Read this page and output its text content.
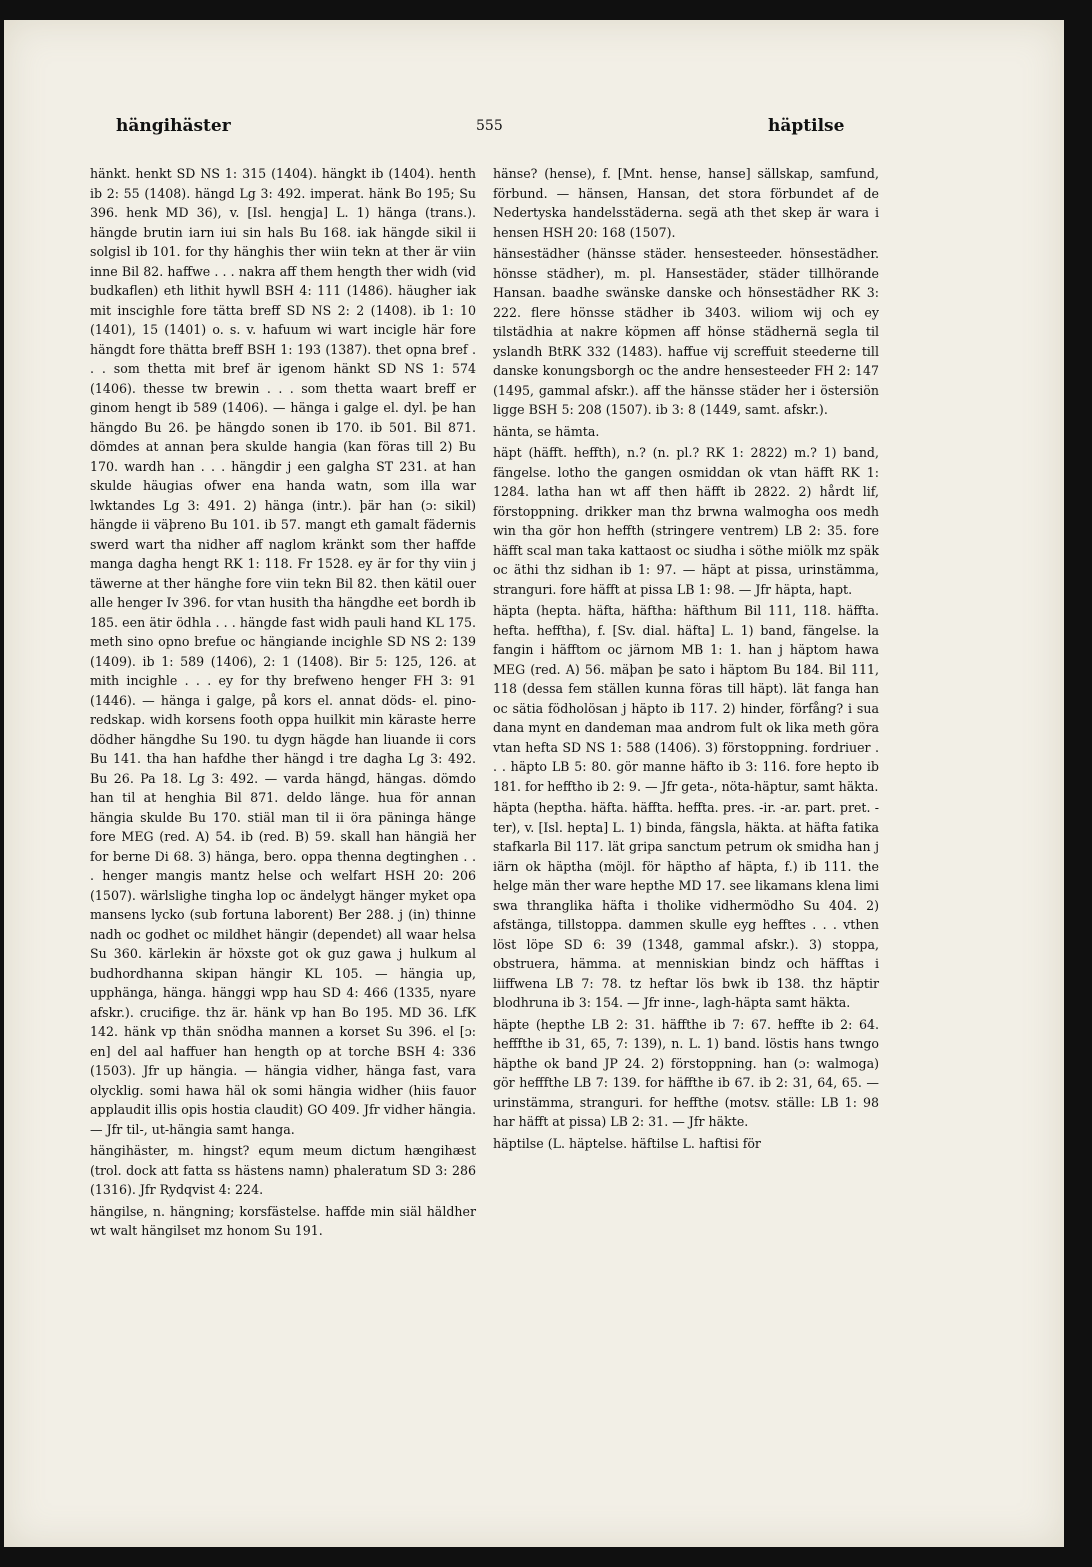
hängihäster	555	häptilse

hänkt. henkt SD NS 1: 315 (1404). hängkt ib (1404). henth ib 2: 55 (1408). hängd Lg 3: 492. imperat. hänk Bo 195; Su 396. henk MD 36), v. [Isl. hengja] L. 1) hänga (trans.). hängde brutin iarn iui sin hals Bu 168. iak hängde sikil ii solgisl ib 101. for thy hänghis ther wiin tekn at ther är viin inne Bil 82. haffwe . . . nakra aff them hength ther widh (vid budkaflen) eth lithit hywll BSH 4: 111 (1486). häugher iak mit inscighle fore tätta breff SD NS 2: 2 (1408). ib 1: 10 (1401), 15 (1401) o. s. v. hafuum wi wart incigle här fore hängdt fore thätta breff BSH 1: 193 (1387). thet opna bref . . . som thetta mit bref är igenom hänkt SD NS 1: 574 (1406). thesse tw brewin . . . som thetta waart breff er ginom hengt ib 589 (1406). — hänga i galge el. dyl. þe han hängdo Bu 26. þe hängdo sonen ib 170. ib 501. Bil 871. dömdes at annan þera skulde hangia (kan föras till 2) Bu 170. wardh han . . . hängdir j een galgha ST 231. at han skulde häugias ofwer ena handa watn, som illa war lwktandes Lg 3: 491. 2) hänga (intr.). þär han (ɔ: sikil) hängde ii väþreno Bu 101. ib 57. mangt eth gamalt fädernis swerd wart tha nidher aff naglom kränkt som ther haffde manga dagha hengt RK 1: 118. Fr 1528. ey är for thy viin j täwerne at ther hänghe fore viin tekn Bil 82. then kätil ouer alle henger Iv 396. for vtan husith tha hängdhe eet bordh ib 185. een ätir ödhla . . . hängde fast widh pauli hand KL 175. meth sino opno brefue oc hängiande incighle SD NS 2: 139 (1409). ib 1: 589 (1406), 2: 1 (1408). Bir 5: 125, 126. at mith incighle . . . ey for thy brefweno henger FH 3: 91 (1446). — hänga i galge, på kors el. annat döds- el. pino-redskap. widh korsens footh oppa huilkit min käraste herre dödher hängdhe Su 190. tu dygn hägde han liuande ii cors Bu 141. tha han hafdhe ther hängd i tre dagha Lg 3: 492. Bu 26. Pa 18. Lg 3: 492. — varda hängd, hängas. dömdo han til at henghia Bil 871. deldo länge. hua för annan hängia skulde Bu 170. stiäl man til ii öra päninga hänge fore MEG (red. A) 54. ib (red. B) 59. skall han hängiä her for berne Di 68. 3) hänga, bero. oppa thenna degtinghen . . . henger mangis mantz helse och welfart HSH 20: 206 (1507). wärlslighe tingha lop oc ändelygt hänger myket opa mansens lycko (sub fortuna laborent) Ber 288. j (in) thinne nadh oc godhet oc mildhet hängir (dependet) all waar helsa Su 360. kärlekin är höxste got ok guz gawa j hulkum al budhordhanna skipan hängir KL 105. — hängia up, upphänga, hänga. hänggi wpp hau SD 4: 466 (1335, nyare afskr.). crucifige. thz är. hänk vp han Bo 195. MD 36. LfK 142. hänk vp thän snödha mannen a korset Su 396. el [ɔ: en] del aal haffuer han hength op at torche BSH 4: 336 (1503). Jfr up hängia. — hängia vidher, hänga fast, vara olycklig. somi hawa häl ok somi hängia widher (hiis fauor applaudit illis opis hostia claudit) GO 409. Jfr vidher hängia. — Jfr til-, ut-hängia samt hanga.

hängihäster, m. hingst? equm meum dictum hængihæst (trol. dock att fatta ss hästens namn) phaleratum SD 3: 286 (1316). Jfr Rydqvist 4: 224.

hängilse, n. hängning; korsfästelse. haffde min siäl häldher wt walt hängilset mz honom Su 191.

hänse? (hense), f. [Mnt. hense, hanse] sällskap, samfund, förbund. — hänsen, Hansan, det stora förbundet af de Nedertyska handelsstäderna. segä ath thet skep är wara i hensen HSH 20: 168 (1507).

hänsestädher (hänsse städer. hensesteeder. hönsestädher. hönsse städher), m. pl. Hansestäder, städer tillhörande Hansan. baadhe swänske danske och hönsestädher RK 3: 222. flere hönsse städher ib 3403. wiliom wij och ey tilstädhia at nakre köpmen aff hönse städhernä segla til yslandh BtRK 332 (1483). haffue vij screffuit steederne till danske konungsborgh oc the andre hensesteeder FH 2: 147 (1495, gammal afskr.). aff the hänsse städer her i östersiön ligge BSH 5: 208 (1507). ib 3: 8 (1449, samt. afskr.).

hänta, se hämta.

häpt (häfft. heffth), n.? (n. pl.? RK 1: 2822) m.? 1) band, fängelse. lotho the gangen osmiddan ok vtan häfft RK 1: 1284. latha han wt aff then häfft ib 2822. 2) hårdt lif, förstoppning. drikker man thz brwna walmogha oos medh win tha gör hon heffth (stringere ventrem) LB 2: 35. fore häfft scal man taka kattaost oc siudha i söthe miölk mz späk oc äthi thz sidhan ib 1: 97. — häpt at pissa, urinstämma, stranguri. fore häfft at pissa LB 1: 98. — Jfr häpta, hapt.

häpta (hepta. häfta, häftha: häfthum Bil 111, 118. häffta. hefta. hefftha), f. [Sv. dial. häfta] L. 1) band, fängelse. la fangin i häfftom oc järnom MB 1: 1. han j häptom hawa MEG (red. A) 56. mäþan þe sato i häptom Bu 184. Bil 111, 118 (dessa fem ställen kunna föras till häpt). lät fanga han oc sätia födholösan j häpto ib 117. 2) hinder, förfång? i sua dana mynt en dandeman maa androm fult ok lika meth göra vtan hefta SD NS 1: 588 (1406). 3) förstoppning. fordriuer . . . häpto LB 5: 80. gör manne häfto ib 3: 116. fore hepto ib 181. for hefftho ib 2: 9. — Jfr geta-, nöta-häptur, samt häkta.

häpta (heptha. häfta. häffta. heffta. pres. -ir. -ar. part. pret. -ter), v. [Isl. hepta] L. 1) binda, fängsla, häkta. at häfta fatika stafkarla Bil 117. lät gripa sanctum petrum ok smidha han j iärn ok häptha (möjl. för häptho af häpta, f.) ib 111. the helge män ther ware hepthe MD 17. see likamans klena limi swa thranglika häfta i tholike vidhermödho Su 404. 2) afstänga, tillstoppa. dammen skulle eyg hefftes . . . vthen löst löpe SD 6: 39 (1348, gammal afskr.). 3) stoppa, obstruera, hämma. at menniskian bindz och häfftas i liiffwena LB 7: 78. tz heftar lös bwk ib 138. thz häptir blodhruna ib 3: 154. — Jfr inne-, lagh-häpta samt häkta.

häpte (hepthe LB 2: 31. häffthe ib 7: 67. heffte ib 2: 64. hefffthe ib 31, 65, 7: 139), n. L. 1) band. löstis hans twngo häpthe ok band JP 24. 2) förstoppning. han (ɔ: walmoga) gör hefffthe LB 7: 139. for häffthe ib 67. ib 2: 31, 64, 65. — urinstämma, stranguri. for heffthe (motsv. ställe: LB 1: 98 har häfft at pissa) LB 2: 31. — Jfr häkte.

häptilse (L. häptelse. häftilse L. haftisi för
